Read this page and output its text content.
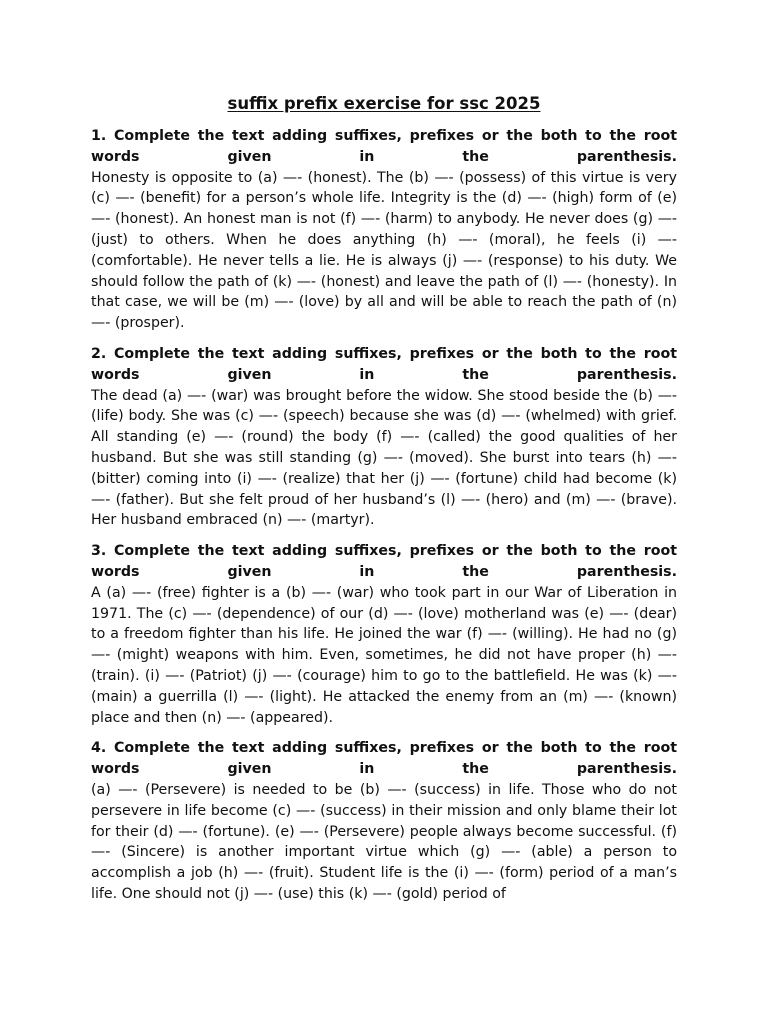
suffix prefix exercise for ssc 2025
1. Complete the text adding suffixes, prefixes or the both to the root words given in the parenthesis.
Honesty is opposite to (a) —- (honest). The (b) —- (possess) of this virtue is very (c) —- (benefit) for a person’s whole life. Integrity is the (d) —- (high) form of (e) —- (honest). An honest man is not (f) —- (harm) to anybody. He never does (g) —- (just) to others. When he does anything (h) —- (moral), he feels (i) —- (comfortable). He never tells a lie. He is always (j) —- (response) to his duty. We should follow the path of (k) —- (honest) and leave the path of (l) —- (honesty). In that case, we will be (m) —- (love) by all and will be able to reach the path of (n) —- (prosper).
2. Complete the text adding suffixes, prefixes or the both to the root words given in the parenthesis.
The dead (a) —- (war) was brought before the widow. She stood beside the (b) —- (life) body. She was (c) —- (speech) because she was (d) —- (whelmed) with grief. All standing (e) —- (round) the body (f) —- (called) the good qualities of her husband. But she was still standing (g) —- (moved). She burst into tears (h) —- (bitter) coming into (i) —- (realize) that her (j) —- (fortune) child had become (k) —- (father). But she felt proud of her husband’s (l) —- (hero) and (m) —- (brave). Her husband embraced (n) —- (martyr).
3. Complete the text adding suffixes, prefixes or the both to the root words given in the parenthesis.
A (a) —- (free) fighter is a (b) —- (war) who took part in our War of Liberation in 1971. The (c) —- (dependence) of our (d) —- (love) motherland was (e) —- (dear) to a freedom fighter than his life. He joined the war (f) —- (willing). He had no (g) —- (might) weapons with him. Even, sometimes, he did not have proper (h) —- (train). (i) —- (Patriot) (j) —- (courage) him to go to the battlefield. He was (k) —- (main) a guerrilla (l) —- (light). He attacked the enemy from an (m) —- (known) place and then (n) —- (appeared).
4. Complete the text adding suffixes, prefixes or the both to the root words given in the parenthesis.
(a) —- (Persevere) is needed to be (b) —- (success) in life. Those who do not persevere in life become (c) —- (success) in their mission and only blame their lot for their (d) —- (fortune). (e) —- (Persevere) people always become successful. (f) —- (Sincere) is another important virtue which (g) —- (able) a person to accomplish a job (h) —- (fruit). Student life is the (i) —- (form) period of a man’s life. One should not (j) —- (use) this (k) —- (gold) period of
